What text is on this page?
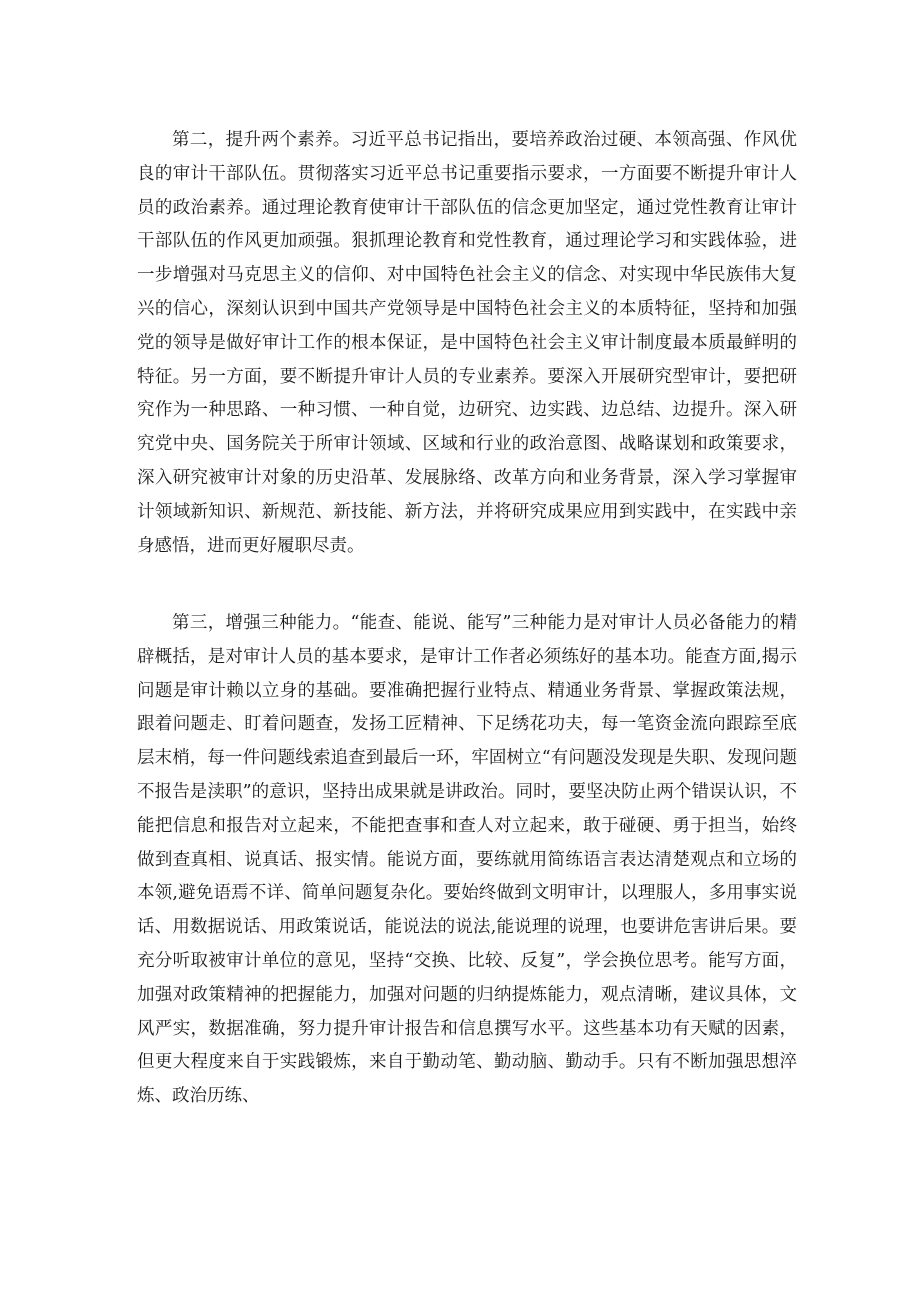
第二，提升两个素养。习近平总书记指出，要培养政治过硬、本领高强、作风优良的审计干部队伍。贯彻落实习近平总书记重要指示要求，一方面要不断提升审计人员的政治素养。通过理论教育使审计干部队伍的信念更加坚定，通过党性教育让审计干部队伍的作风更加顽强。狠抓理论教育和党性教育，通过理论学习和实践体验，进一步增强对马克思主义的信仰、对中国特色社会主义的信念、对实现中华民族伟大复兴的信心，深刻认识到中国共产党领导是中国特色社会主义的本质特征，坚持和加强党的领导是做好审计工作的根本保证，是中国特色社会主义审计制度最本质最鲜明的特征。另一方面，要不断提升审计人员的专业素养。要深入开展研究型审计，要把研究作为一种思路、一种习惯、一种自觉，边研究、边实践、边总结、边提升。深入研究党中央、国务院关于所审计领域、区域和行业的政治意图、战略谋划和政策要求，深入研究被审计对象的历史沿革、发展脉络、改革方向和业务背景，深入学习掌握审计领域新知识、新规范、新技能、新方法，并将研究成果应用到实践中，在实践中亲身感悟，进而更好履职尽责。

第三，增强三种能力。“能查、能说、能写”三种能力是对审计人员必备能力的精辟概括，是对审计人员的基本要求，是审计工作者必须练好的基本功。能查方面,揭示问题是审计赖以立身的基础。要准确把握行业特点、精通业务背景、掌握政策法规，跟着问题走、盯着问题查，发扬工匠精神、下足绣花功夫，每一笔资金流向跟踪至底层末梢，每一件问题线索追查到最后一环，牢固树立“有问题没发现是失职、发现问题不报告是渎职”的意识，坚持出成果就是讲政治。同时，要坚决防止两个错误认识，不能把信息和报告对立起来，不能把查事和查人对立起来，敢于碰硬、勇于担当，始终做到查真相、说真话、报实情。能说方面，要练就用简练语言表达清楚观点和立场的本领,避免语焉不详、简单问题复杂化。要始终做到文明审计，以理服人，多用事实说话、用数据说话、用政策说话，能说法的说法,能说理的说理，也要讲危害讲后果。要充分听取被审计单位的意见，坚持“交换、比较、反复”，学会换位思考。能写方面，加强对政策精神的把握能力，加强对问题的归纳提炼能力，观点清晰，建议具体，文风严实，数据准确，努力提升审计报告和信息撰写水平。这些基本功有天赋的因素，但更大程度来自于实践锻炼，来自于勤动笔、勤动脑、勤动手。只有不断加强思想淬炼、政治历练、
